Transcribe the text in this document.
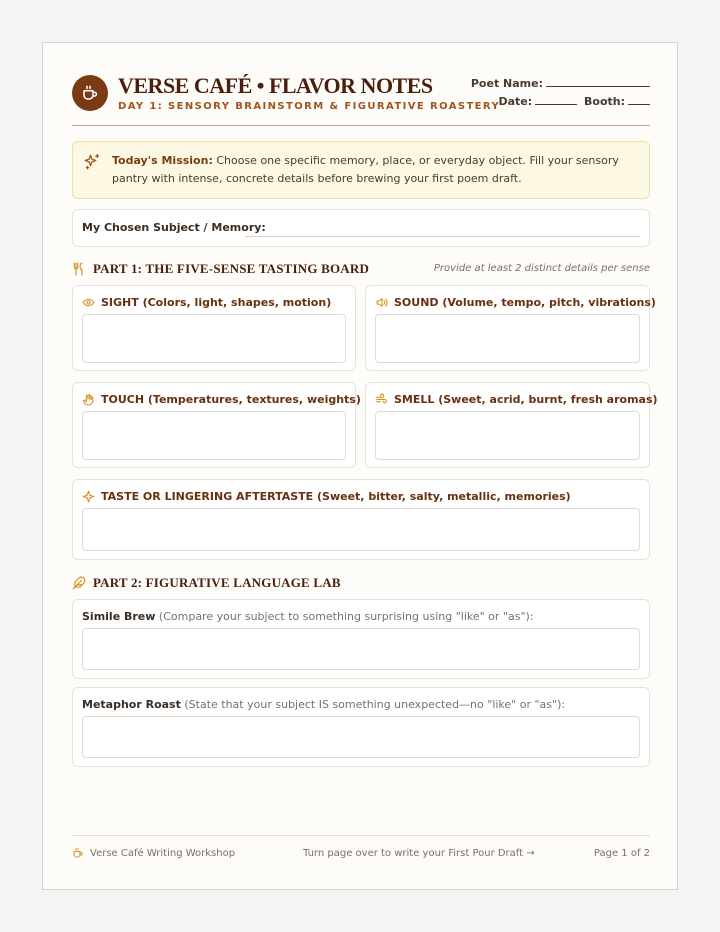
VERSE CAFÉ • FLAVOR NOTES
DAY 1: SENSORY BRAINSTORM & FIGURATIVE ROASTERY
Poet Name:
Date:	Booth:
Today's Mission: Choose one specific memory, place, or everyday object. Fill your sensory pantry with intense, concrete details before brewing your first poem draft.
My Chosen Subject / Memory:
PART 1: THE FIVE-SENSE TASTING BOARD	Provide at least 2 distinct details per sense
SIGHT (Colors, light, shapes, motion)	SOUND (Volume, tempo, pitch, vibrations)
TOUCH (Temperatures, textures, weights)	SMELL (Sweet, acrid, burnt, fresh aromas)
TASTE OR LINGERING AFTERTASTE (Sweet, bitter, salty, metallic, memories)
PART 2: FIGURATIVE LANGUAGE LAB
Simile Brew (Compare your subject to something surprising using "like" or "as"):
Metaphor Roast (State that your subject IS something unexpected—no "like" or "as"):
Verse Café Writing Workshop	Turn page over to write your First Pour Draft →	Page 1 of 2
